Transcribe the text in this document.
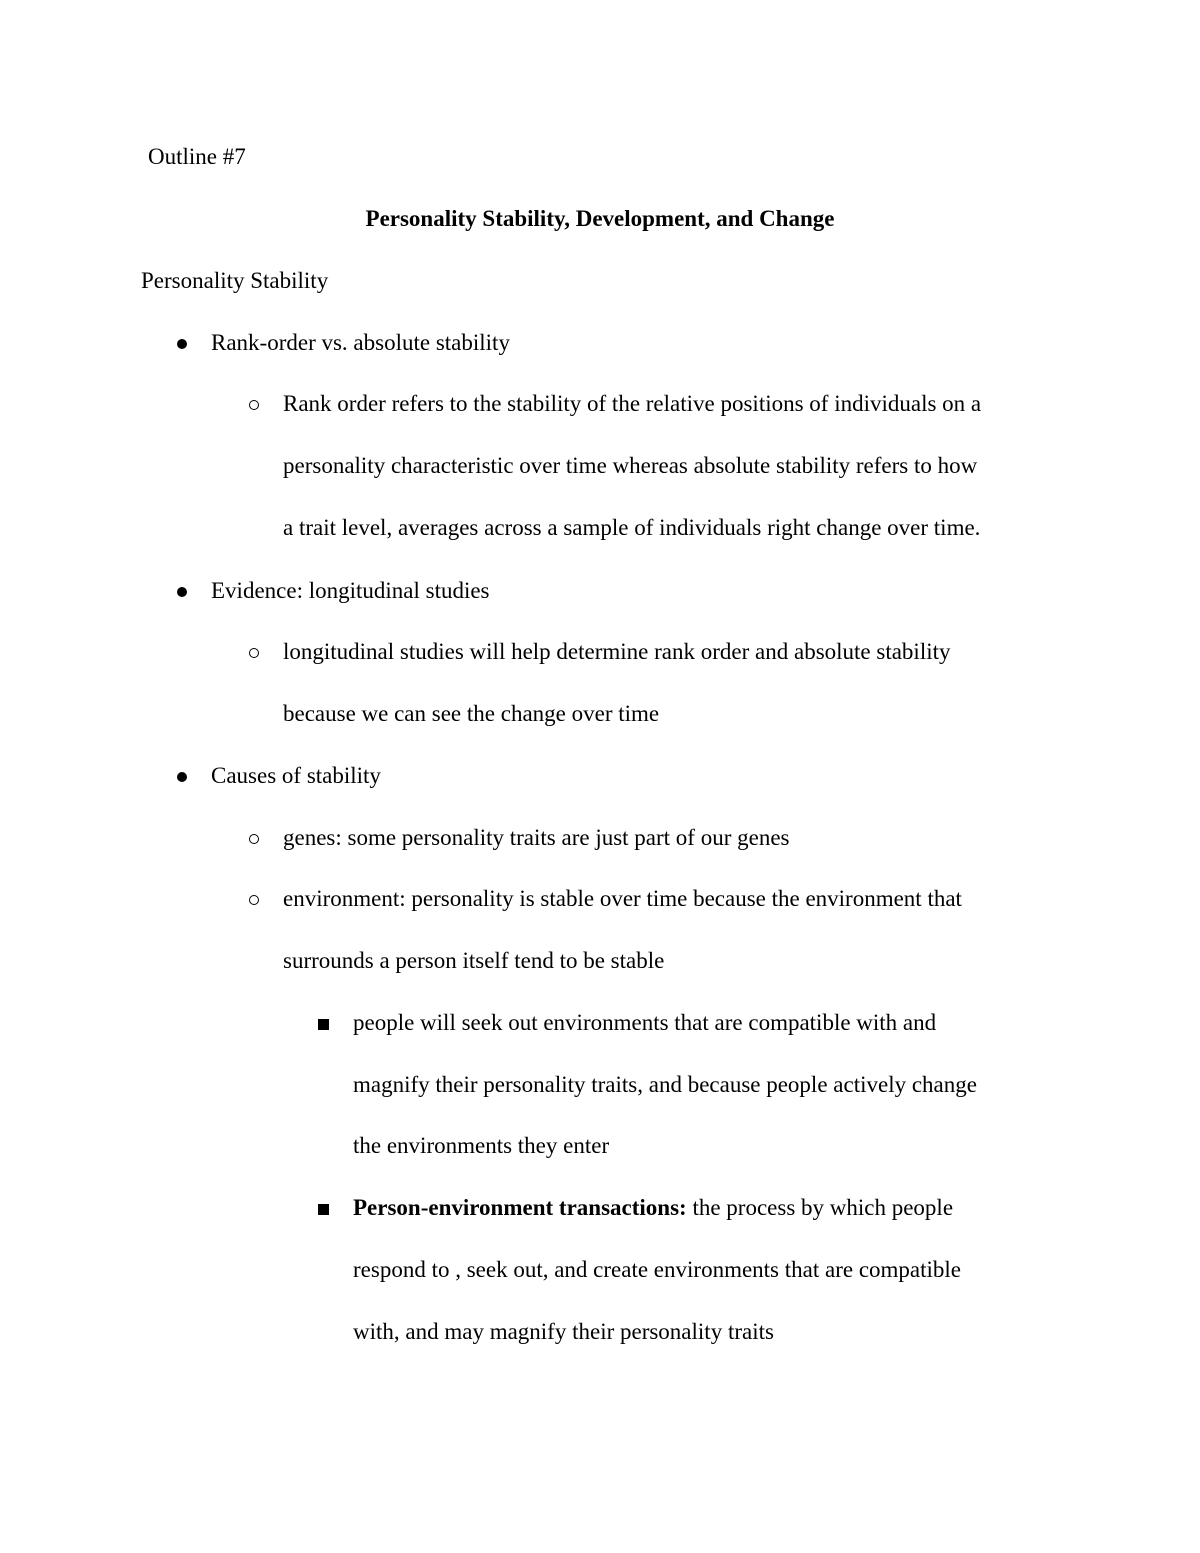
Outline #7
Personality Stability, Development, and Change
Personality Stability
Rank-order vs. absolute stability
Rank order refers to the stability of the relative positions of individuals on a
personality characteristic over time whereas absolute stability refers to how
a trait level, averages across a sample of individuals right change over time.
Evidence: longitudinal studies
longitudinal studies will help determine rank order and absolute stability
because we can see the change over time
Causes of stability
genes: some personality traits are just part of our genes
environment: personality is stable over time because the environment that
surrounds a person itself tend to be stable
people will seek out environments that are compatible with and
magnify their personality traits, and because people actively change
the environments they enter
Person-environment transactions: the process by which people
respond to , seek out, and create environments that are compatible
with, and may magnify their personality traits
